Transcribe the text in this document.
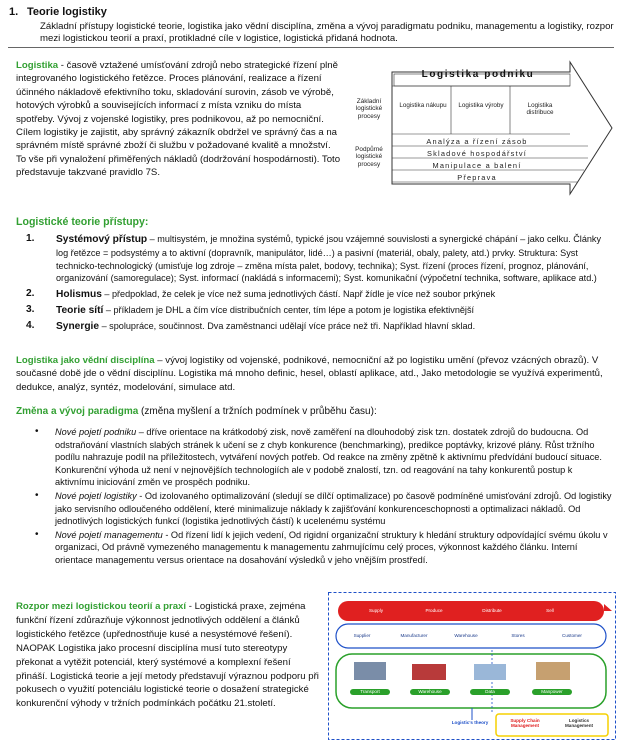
1. Teorie logistiky
Základní přístupy logistické teorie, logistika jako vědní disciplína, změna a vývoj paradigmatu podniku, managementu a logistiky, rozpor mezi logistickou teorií a praxí, protikladné cíle v logistice, logistická přidaná hodnota.
Logistika - časově vztažené umísťování zdrojů nebo strategické řízení plně integrovaného logistického řetězce. Proces plánování, realizace a řízení účinného nákladově efektivního toku, skladování surovin, zásob ve výrobě, hotových výrobků a souvisejících informací z místa vzniku do místa spotřeby. Vývoj z vojenské logistiky, pres podnikovou, až po nemocniční. Cílem logistiky je zajistit, aby správný zákazník obdržel ve správný čas a na správném místě správné zboží či službu v požadované kvalitě a množství. To vše při vynaložení přiměřených nákladů (dodržování hospodárnosti). Toto představuje takzvané pravidlo 7S.
Logistika podniku
Základní logistické procesy
Podpůrné logistické procesy
Logistika nákupu	Logistika výroby	Logistika distribuce
Analýza a řízení zásob
Skladové hospodářství
Manipulace a balení
Přeprava
Logistické teorie přístupy:
1. Systémový přístup – multisystém, je množina systémů, typické jsou vzájemné souvislosti a synergické chápání – jako celku. Články log řetězce = podsystémy a to aktivní (dopravník, manipulátor, lidé…) a pasivní (materiál, obaly, palety, atd.) prvky. Struktura: Syst technicko-technologický (umisťuje log zdroje – změna místa palet, bodovy, technika); Syst. řízení (proces řízení, prognoz, plánování, organizování (samoregulace); Syst. informací (nakládá s informacemi); Syst. komunikační (výpočetní technika, software, aplikace atd.)
2. Holismus – předpoklad, že celek je více než suma jednotlivých částí. Např žídle je více než soubor prkýnek
3. Teorie sítí – příkladem je DHL a čím více distribučních center, tím lépe a potom je logistika efektivnější
4. Synergie – spolupráce, součinnost. Dva zaměstnanci udělají více práce než tři. Například hlavní sklad.
Logistika jako vědní disciplína – vývoj logistiky od vojenské, podnikové, nemocniční až po logistiku umění (převoz vzácných obrazů). V současné době jde o vědní disciplínu. Logistika má mnoho definic, hesel, oblastí aplikace, atd., Jako metodologie se využívá experimentů, dedukce, analýz, syntéz, modelování, simulace atd.
Změna a vývoj paradigma (změna myšlení a tržních podmínek v průběhu času):
• Nové pojetí podniku – dříve orientace na krátkodobý zisk, nově zaměření na dlouhodobý zisk tzn. dostatek zdrojů do budoucna. Od odstraňování vlastních slabých stránek k učení se z chyb konkurence (benchmarking), predikce poptávky, krizové plány. Růst tržního podílu nahrazuje podíl na příležitostech, vytváření nových potřeb. Od reakce na změny zpětně k aktivnímu předvídání budoucí situace. Konkurenční výhoda už není v nejnovějších technologiích ale v podobě znalostí, tzn. od reagování na tahy konkurentů postup k aktivnímu iniciování změn ve prospěch podniku.
• Nové pojetí logistiky - Od izolovaného optimalizování (sledují se dílčí optimalizace) po časově podmíněné umisťování zdrojů. Od logistiky jako servisního odloučeného oddělení, které minimalizuje náklady k zajišťování konkurenceschopnosti a optimalizaci nákladů. Od jednotlivých logistických funkcí (logistika jednotlivých částí) k ucelenému systému
• Nové pojetí managementu - Od řízení lidí k jejich vedení, Od rigidní organizační struktury k hledání struktury odpovídající svému úkolu v organizaci, Od právně vymezeného managementu k managementu zahrnujícímu celý proces, výkonnost každého článku. Interní orientace managementu versus orientace na dosahování výsledků v jeho vnějším prostředí.
Rozpor mezi logistickou teorií a praxí - Logistická praxe, zejména funkční řízení zdůrazňuje výkonnost jednotlivých oddělení a článků logistického řetězce (upřednostňuje kusé a nesystémové řešení). NAOPAK Logistika jako procesní disciplína musí tuto stereotypy překonat a vytěžit potenciál, který systémové a komplexní řešení přináší. Logistická teorie a její metody představují výraznou podporu při pokusech o využití potenciálu logistické teorie o dosažení strategické konkurenční výhody v tržních podmínkách počátku 21.století.
Supply	Produce	Distribute	Sell
Supplier	Manufacturer	Warehouse	Stores	Customer
Transport	Warehouse	Data	Manpower
Logistic's theory	Supply Chain Management
Logistics Management
